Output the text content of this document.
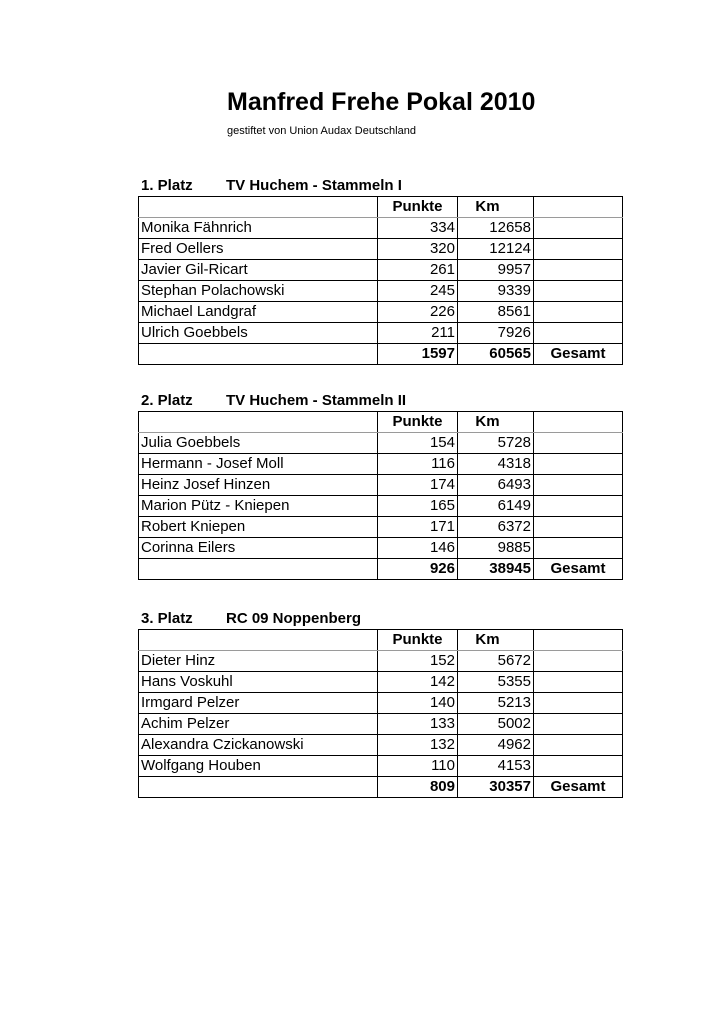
Manfred Frehe Pokal 2010
gestiftet von Union Audax Deutschland
1. Platz TV Huchem - Stammeln I
	Punkte	Km	
Monika Fähnrich	334	12658	
Fred Oellers	320	12124	
Javier Gil-Ricart	261	9957	
Stephan Polachowski	245	9339	
Michael Landgraf	226	8561	
Ulrich Goebbels	211	7926	
	1597	60565	Gesamt
2. Platz TV Huchem - Stammeln II
	Punkte	Km	
Julia Goebbels	154	5728	
Hermann - Josef Moll	116	4318	
Heinz Josef Hinzen	174	6493	
Marion Pütz - Kniepen	165	6149	
Robert Kniepen	171	6372	
Corinna Eilers	146	9885	
	926	38945	Gesamt
3. Platz RC 09 Noppenberg
	Punkte	Km	
Dieter Hinz	152	5672	
Hans Voskuhl	142	5355	
Irmgard Pelzer	140	5213	
Achim Pelzer	133	5002	
Alexandra Czickanowski	132	4962	
Wolfgang Houben	110	4153	
	809	30357	Gesamt
